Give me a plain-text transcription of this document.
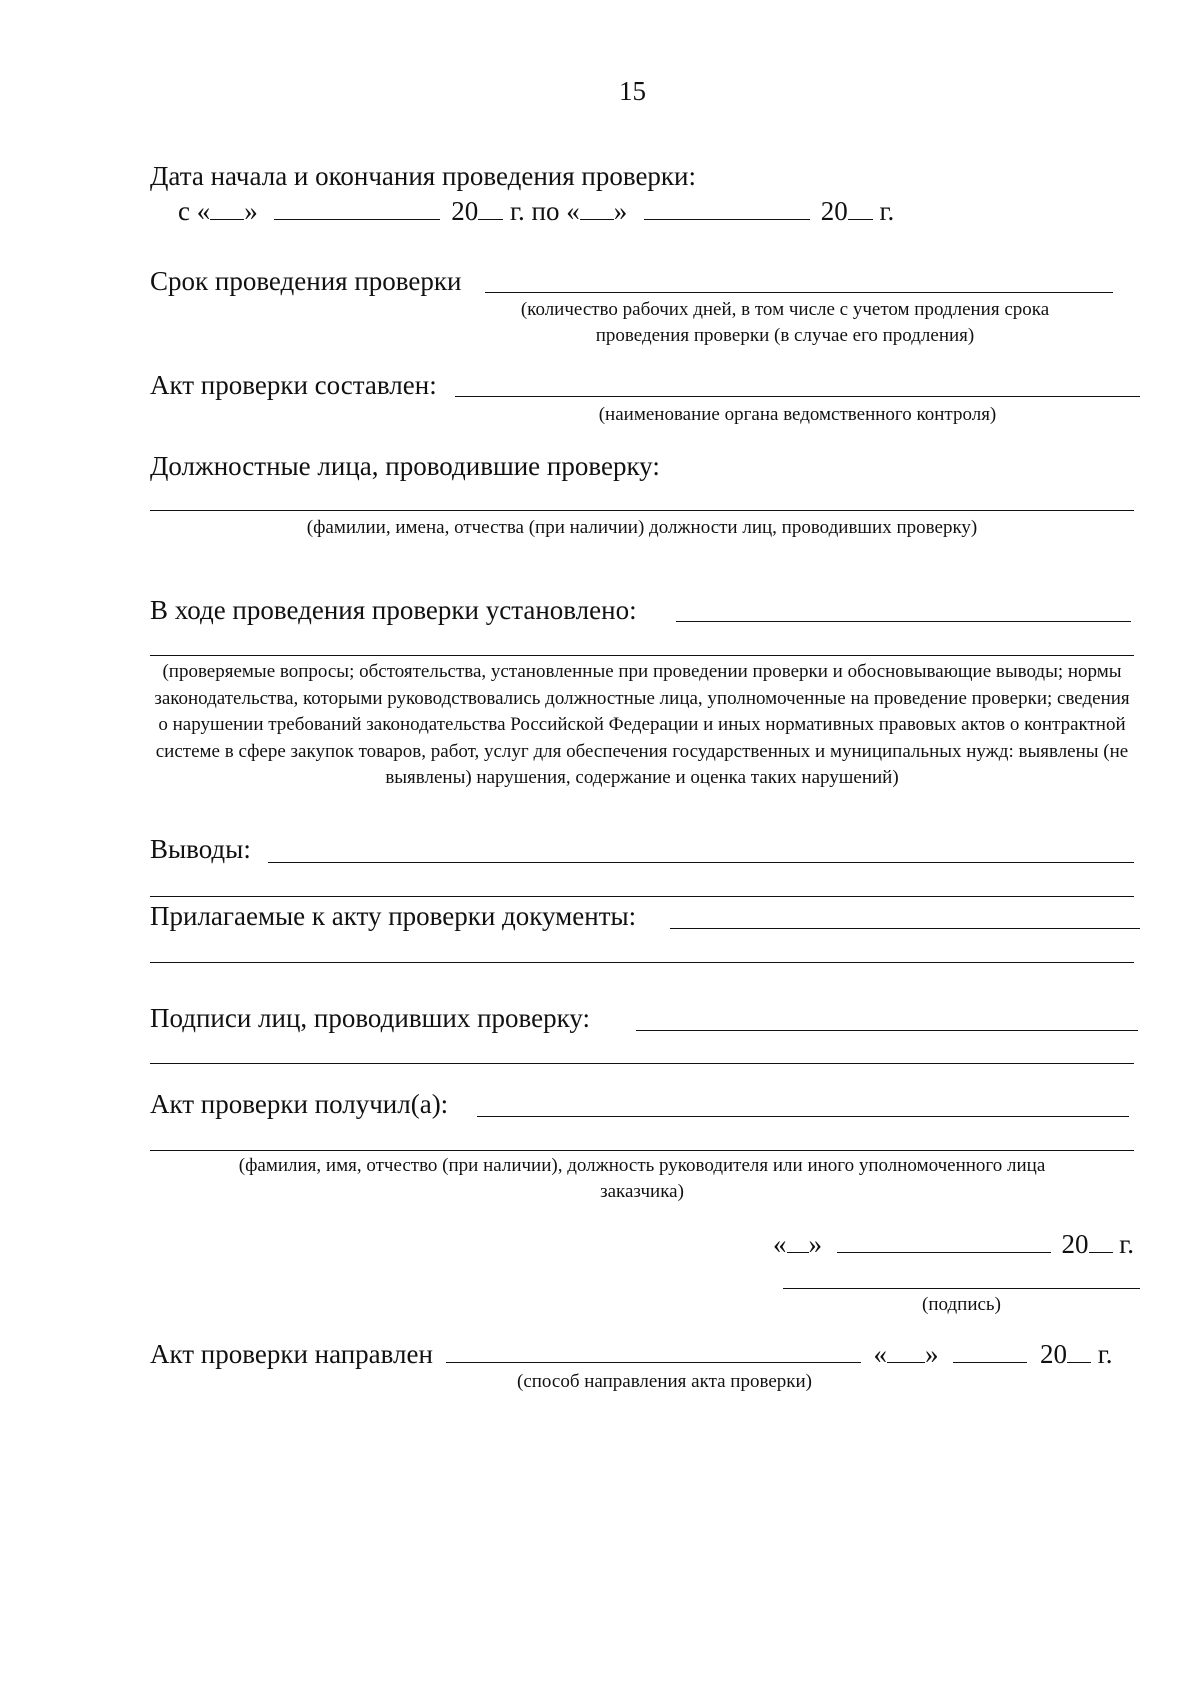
15
Дата начала и окончания проведения проверки:
с « »	20 г. по « »	20 г.
Срок проведения проверки
(количество рабочих дней, в том числе с учетом продления срока
проведения проверки (в случае его продления)
Акт проверки составлен:
(наименование органа ведомственного контроля)
Должностные лица, проводившие проверку:
(фамилии, имена, отчества (при наличии) должности лиц, проводивших проверку)
В ходе проведения проверки установлено:
(проверяемые вопросы; обстоятельства, установленные при проведении проверки и обосновывающие выводы; нормы законодательства, которыми руководствовались должностные лица, уполномоченные на проведение проверки; сведения о нарушении требований законодательства Российской Федерации и иных нормативных правовых актов о контрактной системе в сфере закупок товаров, работ, услуг для обеспечения государственных и муниципальных нужд: выявлены (не выявлены) нарушения, содержание и оценка таких нарушений)
Выводы:
Прилагаемые к акту проверки документы:
Подписи лиц, проводивших проверку:
Акт проверки получил(а):
(фамилия, имя, отчество (при наличии), должность руководителя или иного уполномоченного лица
заказчика)
« »	20 г.
(подпись)
Акт проверки направлен	« »	20 г.
(способ направления акта проверки)
